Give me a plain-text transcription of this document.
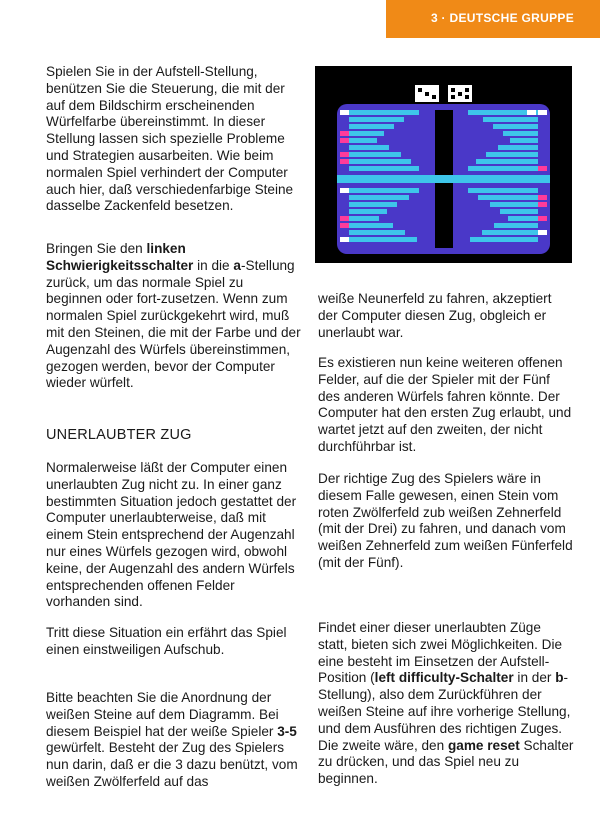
3 · DEUTSCHE GRUPPE

Spielen Sie in der Aufstell-Stellung, benützen Sie die Steuerung, die mit der auf dem Bildschirm erscheinenden Würfelfarbe übereinstimmt. In dieser Stellung lassen sich spezielle Probleme und Strategien ausarbeiten. Wie beim normalen Spiel verhindert der Computer auch hier, daß verschiedenfarbige Steine dasselbe Zackenfeld besetzen.

Bringen Sie den linken Schwierigkeitsschalter in die a-Stellung zurück, um das normale Spiel zu beginnen oder fort-zusetzen. Wenn zum normalen Spiel zurückgekehrt wird, muß mit den Steinen, die mit der Farbe und der Augenzahl des Würfels übereinstimmen, gezogen werden, bevor der Computer wieder würfelt.

UNERLAUBTER ZUG

Normalerweise läßt der Computer einen unerlaubten Zug nicht zu. In einer ganz bestimmten Situation jedoch gestattet der Computer unerlaubterweise, daß mit einem Stein entsprechend der Augenzahl nur eines Würfels gezogen wird, obwohl keine, der Augenzahl des andern Würfels entsprechenden offenen Felder vorhanden sind.

Tritt diese Situation ein erfährt das Spiel einen einstweiligen Aufschub.

Bitte beachten Sie die Anordnung der weißen Steine auf dem Diagramm. Bei diesem Beispiel hat der weiße Spieler 3-5 gewürfelt. Besteht der Zug des Spielers nun darin, daß er die 3 dazu benützt, vom weißen Zwölferfeld auf das

weiße Neunerfeld zu fahren, akzeptiert der Computer diesen Zug, obgleich er unerlaubt war.

Es existieren nun keine weiteren offenen Felder, auf die der Spieler mit der Fünf des anderen Würfels fahren könnte. Der Computer hat den ersten Zug erlaubt, und wartet jetzt auf den zweiten, der nicht durchführbar ist.

Der richtige Zug des Spielers wäre in diesem Falle gewesen, einen Stein vom roten Zwölferfeld zub weißen Zehnerfeld (mit der Drei) zu fahren, und danach vom weißen Zehnerfeld zum weißen Fünferfeld (mit der Fünf).

Findet einer dieser unerlaubten Züge statt, bieten sich zwei Möglichkeiten. Die eine besteht im Einsetzen der Aufstell-Position (left difficulty-Schalter in der b-Stellung), also dem Zurückführen der weißen Steine auf ihre vorherige Stellung, und dem Ausführen des richtigen Zuges. Die zweite wäre, den game reset Schalter zu drücken, und das Spiel neu zu beginnen.
